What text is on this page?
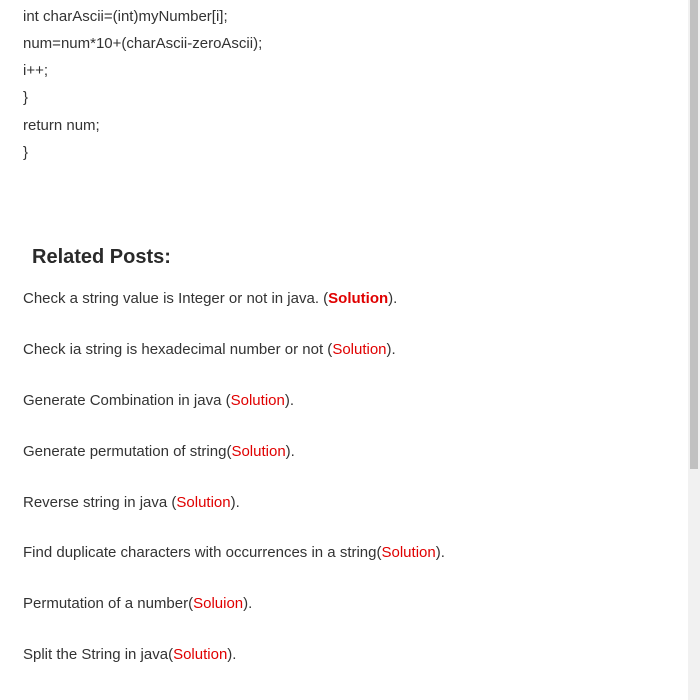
int charAscii=(int)myNumber[i];
num=num*10+(charAscii-zeroAscii);
i++;
}
return num;
}
Related Posts:
Check a string value is Integer or not in java. (Solution).
Check ia string is hexadecimal number or not (Solution).
Generate Combination in java (Solution).
Generate permutation of string(Solution).
Reverse string in java (Solution).
Find duplicate characters with occurrences in a string(Solution).
Permutation of a number(Soluion).
Split the String in java(Solution).
